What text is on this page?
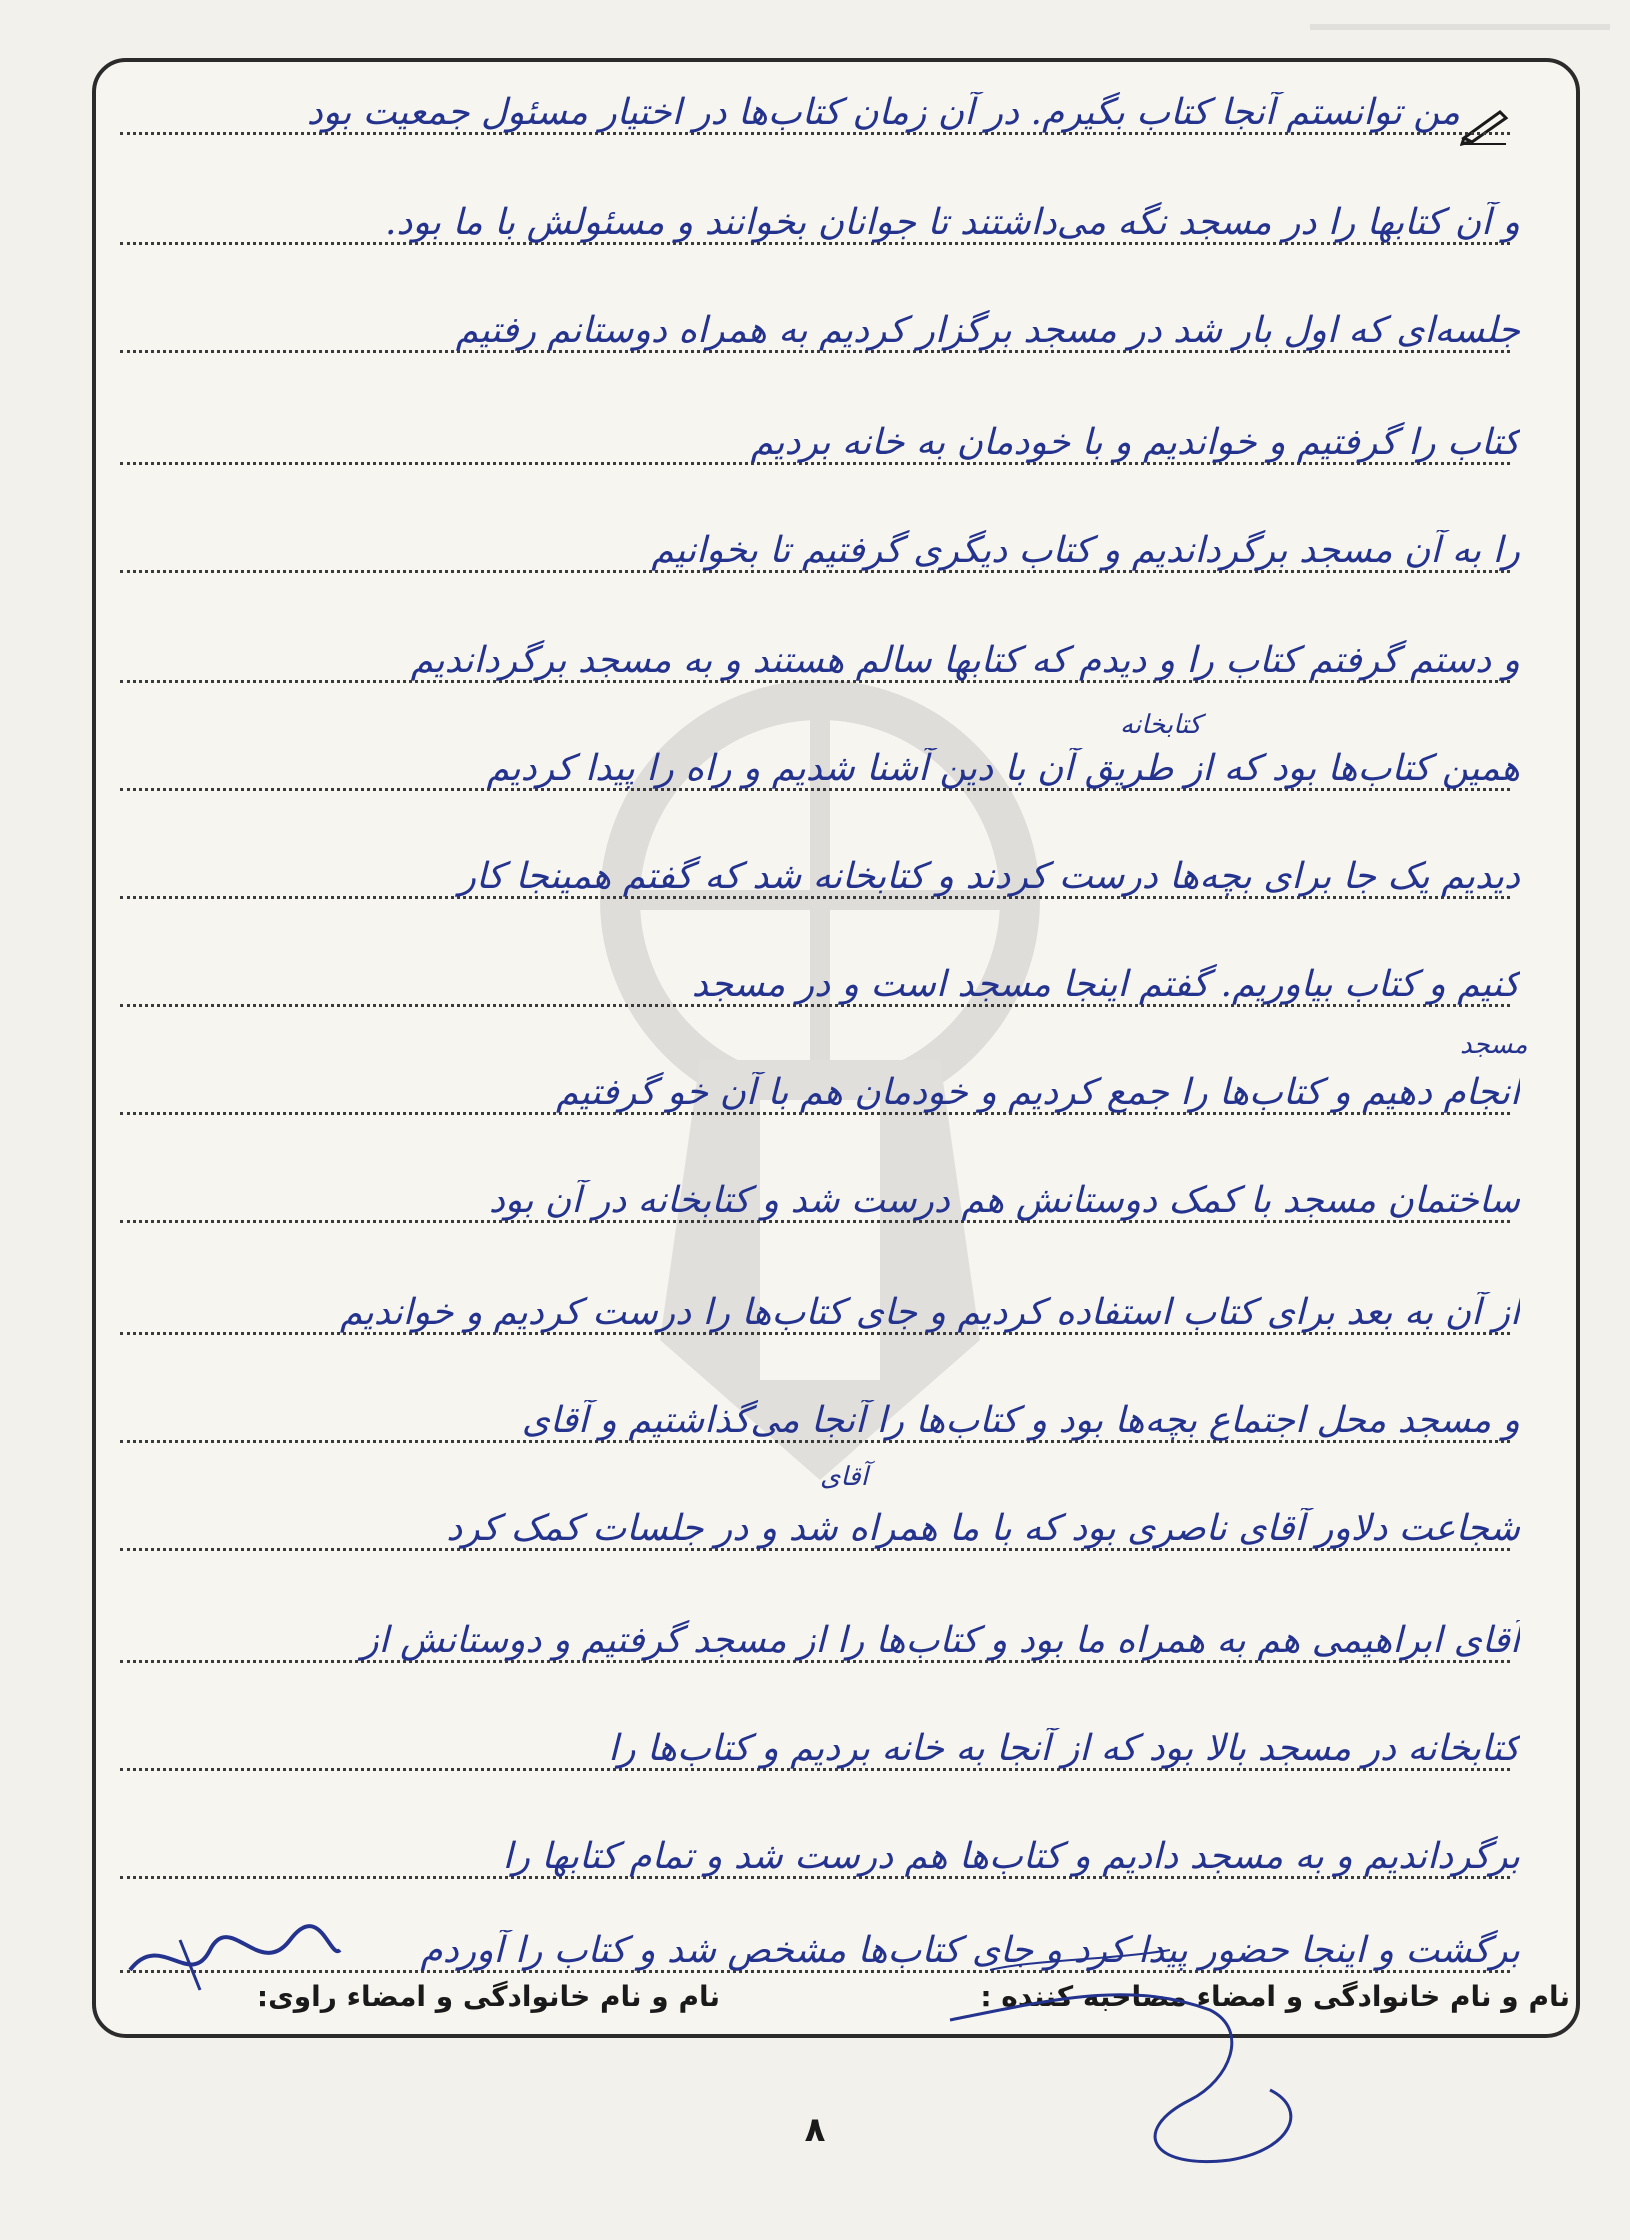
من توانستم آنجا کتاب بگیرم. در آن زمان کتاب‌ها در اختیار مسئول جمعیت بود
و آن کتابها را در مسجد نگه می‌داشتند تا جوانان بخوانند و مسئولش با ما بود.
جلسه‌ای که اول بار شد در مسجد برگزار کردیم به همراه دوستانم رفتیم
کتاب را گرفتیم و خواندیم و با خودمان به خانه بردیم
را به آن مسجد برگرداندیم و کتاب دیگری گرفتیم تا بخوانیم
و دستم گرفتم کتاب را و دیدم که کتابها سالم هستند و به مسجد برگرداندیم
همین کتاب‌ها بود که از طریق آن با دین آشنا شدیم و راه را پیدا کردیم
کتابخانه
دیدیم یک جا برای بچه‌ها درست کردند و کتابخانه شد که گفتم همینجا کار
کنیم و کتاب بیاوریم. گفتم اینجا مسجد است و در مسجد
انجام دهیم و کتاب‌ها را جمع کردیم و خودمان هم با آن خو گرفتیم
مسجد
ساختمان مسجد با کمک دوستانش هم درست شد و کتابخانه در آن بود
از آن به بعد برای کتاب استفاده کردیم و جای کتاب‌ها را درست کردیم و خواندیم
و مسجد محل اجتماع بچه‌ها بود و کتاب‌ها را آنجا می‌گذاشتیم و آقای
شجاعت دلاور آقای ناصری بود که با ما همراه شد و در جلسات کمک کرد
آقای
آقای ابراهیمی هم به همراه ما بود و کتاب‌ها را از مسجد گرفتیم و دوستانش از
کتابخانه در مسجد بالا بود که از آنجا به خانه بردیم و کتاب‌ها را
برگرداندیم و به مسجد دادیم و کتاب‌ها هم درست شد و تمام کتابها را
برگشت و اینجا حضور پیدا کرد و جای کتاب‌ها مشخص شد و کتاب را آوردم
نام و نام خانوادگی و امضاء مصاحبه کننده :
نام و نام خانوادگی و امضاء راوی:
۸
